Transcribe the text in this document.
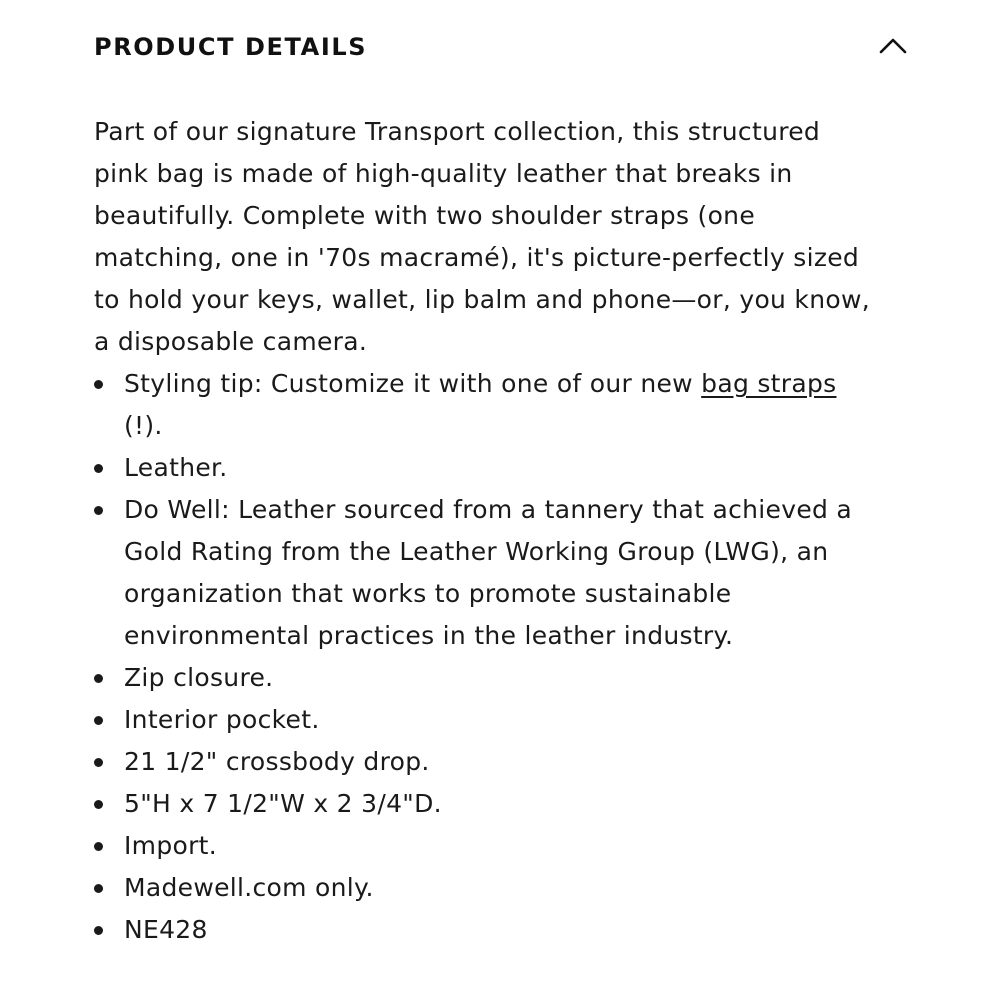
PRODUCT DETAILS

Part of our signature Transport collection, this structured pink bag is made of high-quality leather that breaks in beautifully. Complete with two shoulder straps (one matching, one in '70s macramé), it's picture-perfectly sized to hold your keys, wallet, lip balm and phone—or, you know, a disposable camera.

Styling tip: Customize it with one of our new bag straps (!).
Leather.
Do Well: Leather sourced from a tannery that achieved a Gold Rating from the Leather Working Group (LWG), an organization that works to promote sustainable environmental practices in the leather industry.
Zip closure.
Interior pocket.
21 1/2" crossbody drop.
5"H x 7 1/2"W x 2 3/4"D.
Import.
Madewell.com only.
NE428
